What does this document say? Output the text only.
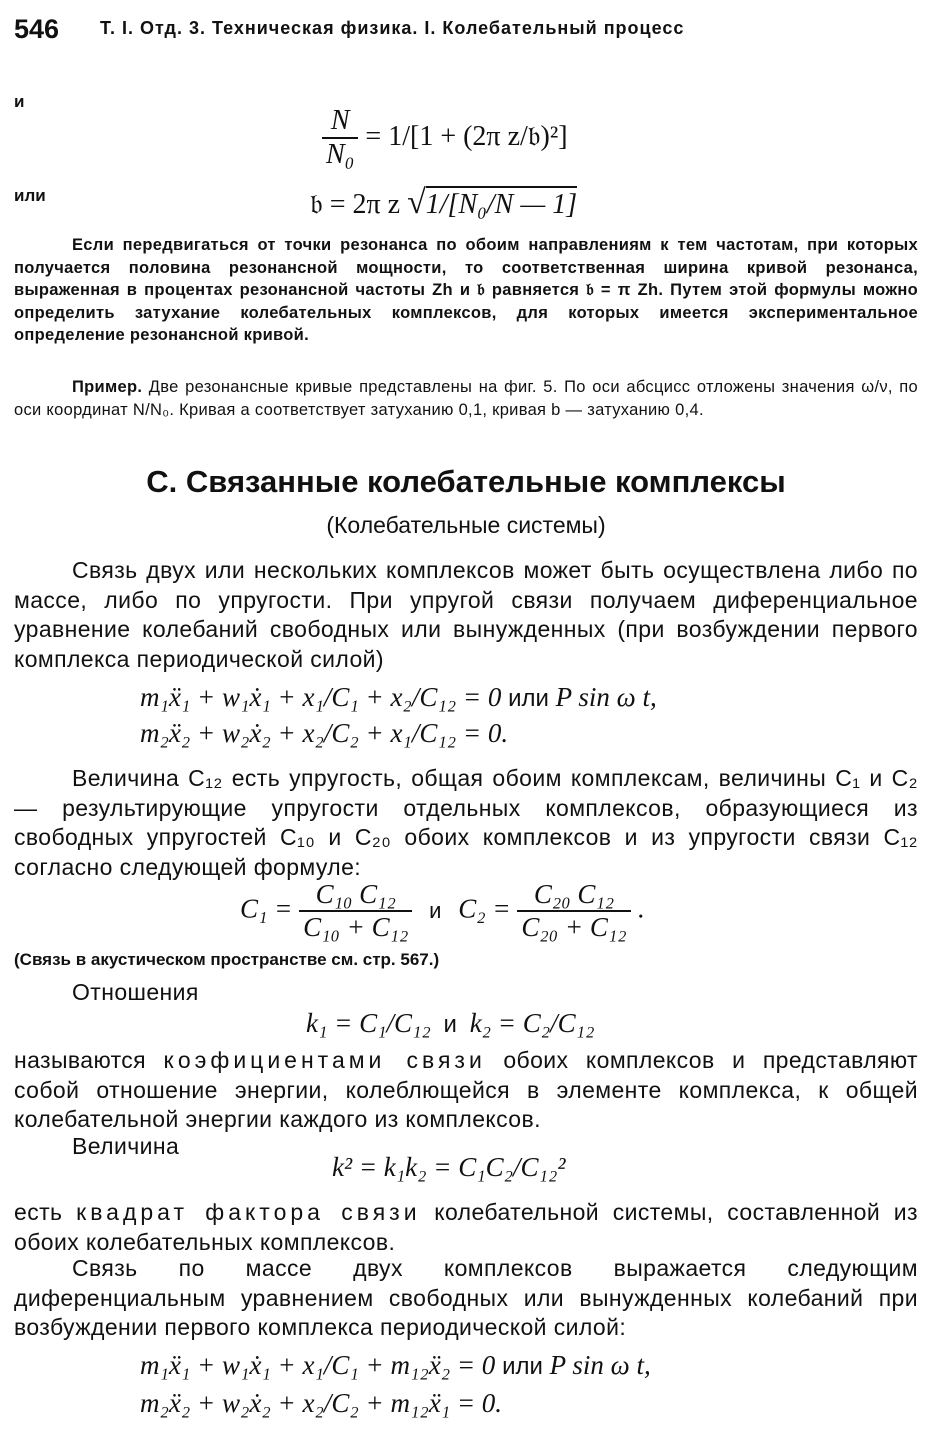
546 Т. I. Отд. 3. Техническая физика. I. Колебательный процесс
и
$\frac{N}{\text{N₀}} = 1/[1 + (2\pi$ z/𝔟)²]
или	𝔟 = 2π z √1/[N₀/N — 1]
Если передвигаться от точки резонанса по обоим направлениям к тем частотам, при которых получается половина резонансной мощности, то соответственная ширина кривой резонанса, выраженная в процентах резонансной частоты Zh и 𝔟 равняется 𝔟 = π Zh. Путем этой формулы можно определить затухание колебательных комплексов, для которых имеется экспериментальное определение резонансной кривой.
Пример. Две резонансные кривые представлены на фиг. 5. По оси абсцисс отложены значения ω/ν, по оси координат N/N₀. Кривая a соответствует затуханию 0,1, кривая b — затуханию 0,4.
C. Связанные колебательные комплексы
(Колебательные системы)
Связь двух или нескольких комплексов может быть осуществлена либо по массе, либо по упругости. При упругой связи получаем диференциальное уравнение колебаний свободных или вынужденных (при возбуждении первого комплекса периодической силой)
m₁ẍ₁ + w₁ẋ₁ + x₁/C₁ + x₂/C₁₂ = 0 или P sin ω t,
m₂ẍ₂ + w₂ẋ₂ + x₂/C₂ + x₁/C₁₂ = 0.
Величина C₁₂ есть упругость, общая обоим комплексам, величины C₁ и C₂ — результирующие упругости отдельных комплексов, образующиеся из свободных упругостей C₁₀ и C₂₀ обоих комплексов и из упругости связи C₁₂ согласно следующей формуле:
$C_1 = \frac{\text{C₁₀ C₁₂}}{\text{C₁₀ + C₁₂}}$ и $C_2 = \frac{\text{C₂₀ C₁₂}}{\text{C₂₀ + C₁₂}}$ .
(Связь в акустическом пространстве см. стр. 567.)
Отношения
k₁ = C₁/C₁₂ и k₂ = C₂/C₁₂
называются коэфициентами связи обоих комплексов и представляют собой отношение энергии, колеблющейся в элементе комплекса, к общей колебательной энергии каждого из комплексов.
Величина
k² = k₁k₂ = C₁C₂/C₁₂²
есть квадрат фактора связи колебательной системы, составленной из обоих колебательных комплексов.
Связь по массе двух комплексов выражается следующим диференциальным уравнением свободных или вынужденных колебаний при возбуждении первого комплекса периодической силой:
m₁ẍ₁ + w₁ẋ₁ + x₁/C₁ + m₁₂ẍ₂ = 0 или P sin ω t,
m₂ẍ₂ + w₂ẋ₂ + x₂/C₂ + m₁₂ẍ₁ = 0.
